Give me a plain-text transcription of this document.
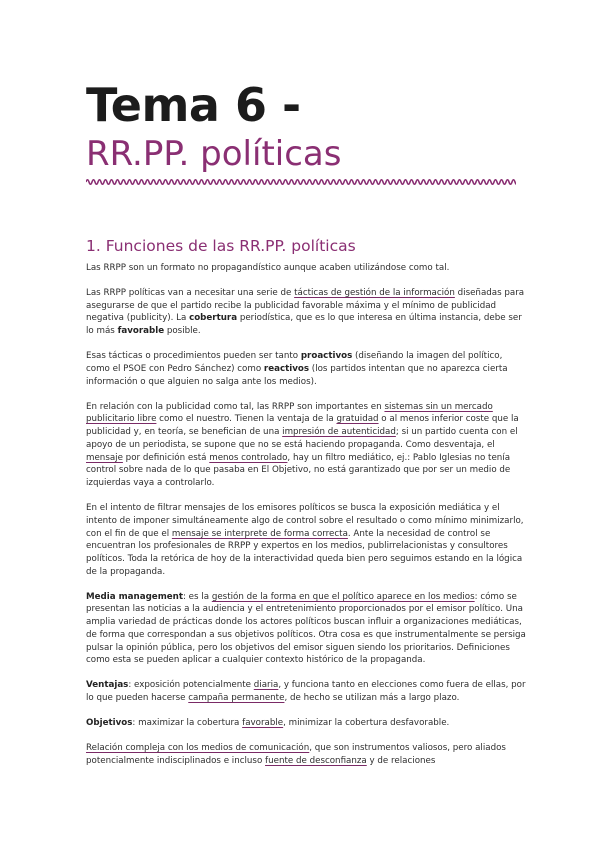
Tema 6 -
RR.PP. políticas
1. Funciones de las RR.PP. políticas

Las RRPP son un formato no propagandístico aunque acaben utilizándose como tal.

Las RRPP políticas van a necesitar una serie de tácticas de gestión de la información diseñadas para asegurarse de que el partido recibe la publicidad favorable máxima y el mínimo de publicidad negativa (publicity). La cobertura periodística, que es lo que interesa en última instancia, debe ser lo más favorable posible.

Esas tácticas o procedimientos pueden ser tanto proactivos (diseñando la imagen del político, como el PSOE con Pedro Sánchez) como reactivos (los partidos intentan que no aparezca cierta información o que alguien no salga ante los medios).

En relación con la publicidad como tal, las RRPP son importantes en sistemas sin un mercado publicitario libre como el nuestro. Tienen la ventaja de la gratuidad o al menos inferior coste que la publicidad y, en teoría, se benefician de una impresión de autenticidad; si un partido cuenta con el apoyo de un periodista, se supone que no se está haciendo propaganda. Como desventaja, el mensaje por definición está menos controlado, hay un filtro mediático, ej.: Pablo Iglesias no tenía control sobre nada de lo que pasaba en El Objetivo, no está garantizado que por ser un medio de izquierdas vaya a controlarlo.

En el intento de filtrar mensajes de los emisores políticos se busca la exposición mediática y el intento de imponer simultáneamente algo de control sobre el resultado o como mínimo minimizarlo, con el fin de que el mensaje se interprete de forma correcta. Ante la necesidad de control se encuentran los profesionales de RRPP y expertos en los medios, publirrelacionistas y consultores políticos. Toda la retórica de hoy de la interactividad queda bien pero seguimos estando en la lógica de la propaganda.

Media management: es la gestión de la forma en que el político aparece en los medios: cómo se presentan las noticias a la audiencia y el entretenimiento proporcionados por el emisor político. Una amplia variedad de prácticas donde los actores políticos buscan influir a organizaciones mediáticas, de forma que correspondan a sus objetivos políticos. Otra cosa es que instrumentalmente se persiga pulsar la opinión pública, pero los objetivos del emisor siguen siendo los prioritarios. Definiciones como esta se pueden aplicar a cualquier contexto histórico de la propaganda.

Ventajas: exposición potencialmente diaria, y funciona tanto en elecciones como fuera de ellas, por lo que pueden hacerse campaña permanente, de hecho se utilizan más a largo plazo.

Objetivos: maximizar la cobertura favorable, minimizar la cobertura desfavorable.

Relación compleja con los medios de comunicación, que son instrumentos valiosos, pero aliados potencialmente indisciplinados e incluso fuente de desconfianza y de relaciones
